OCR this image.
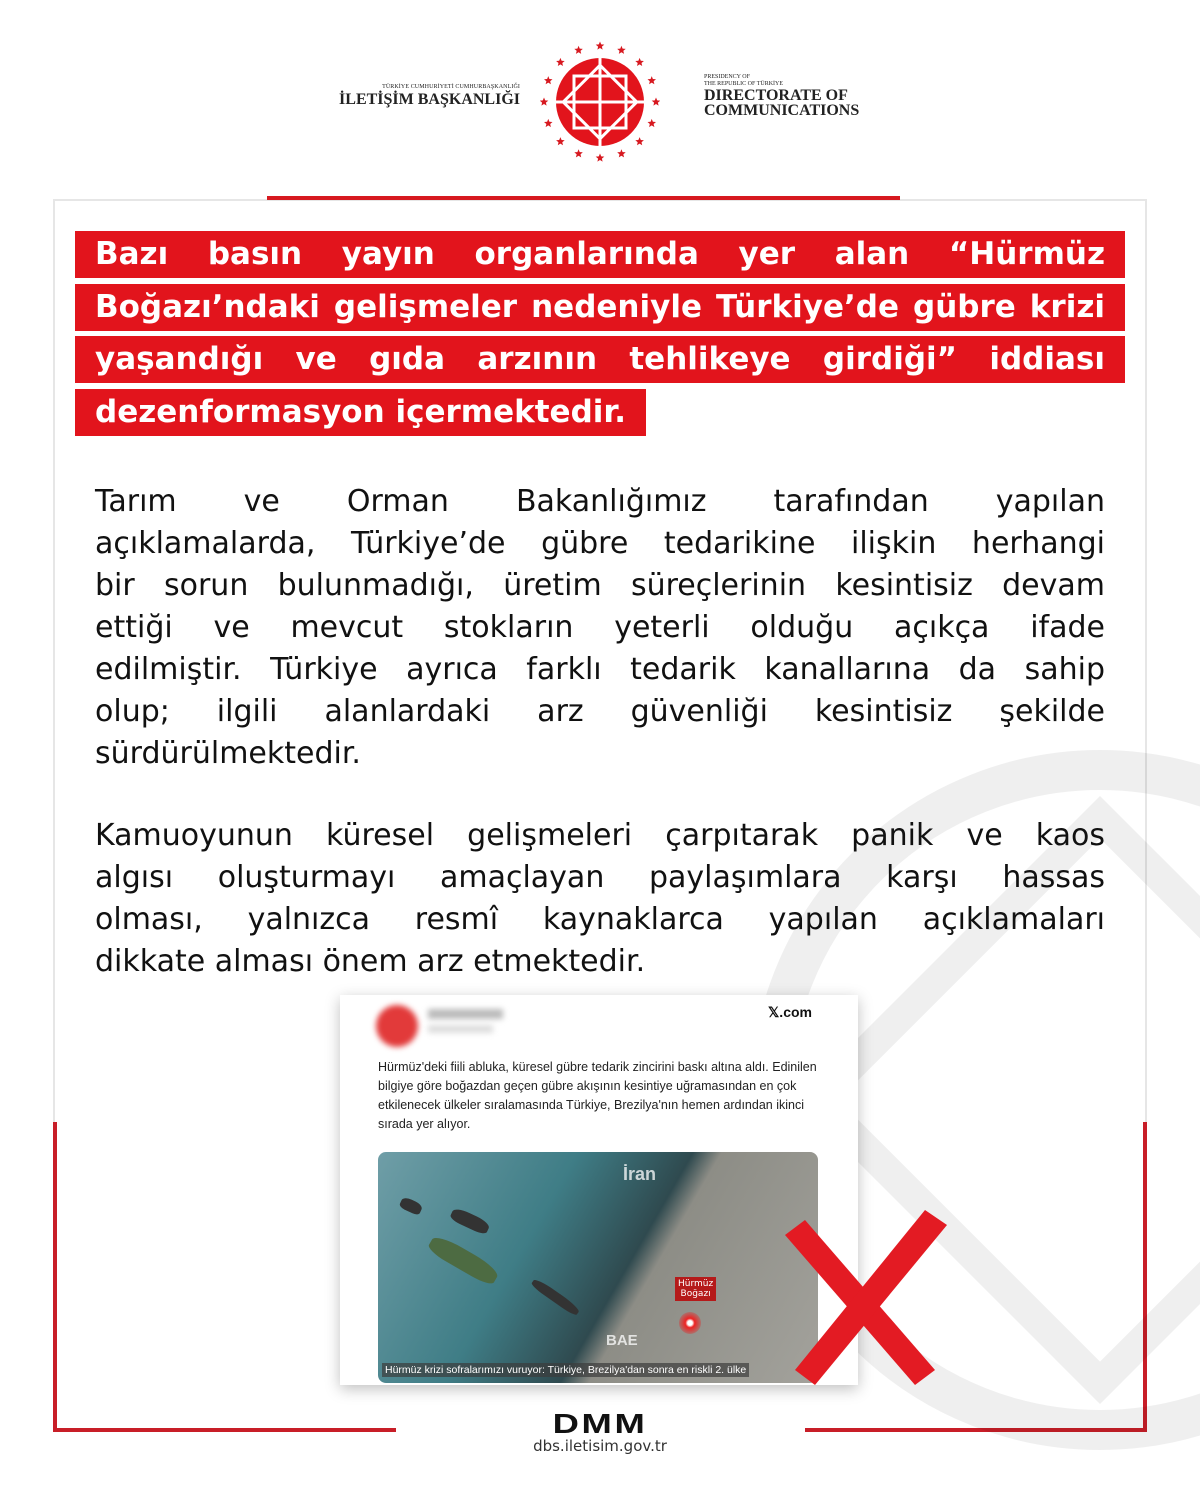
TÜRKİYE CUMHURİYETİ CUMHURBAŞKANLIĞI
İLETİŞİM BAŞKANLIĞI
PRESIDENCY OF
THE REPUBLIC OF TÜRKİYE
DIRECTORATE OF
COMMUNICATIONS
Bazı basın yayın organlarında yer alan “Hürmüz
Boğazı’ndaki gelişmeler nedeniyle Türkiye’de gübre krizi
yaşandığı ve gıda arzının tehlikeye girdiği” iddiası
dezenformasyon içermektedir.
Tarım ve Orman Bakanlığımız tarafından yapılan
açıklamalarda, Türkiye’de gübre tedarikine ilişkin herhangi
bir sorun bulunmadığı, üretim süreçlerinin kesintisiz devam
ettiği ve mevcut stokların yeterli olduğu açıkça ifade
edilmiştir. Türkiye ayrıca farklı tedarik kanallarına da sahip
olup; ilgili alanlardaki arz güvenliği kesintisiz şekilde
sürdürülmektedir.
Kamuoyunun küresel gelişmeleri çarpıtarak panik ve kaos
algısı oluşturmayı amaçlayan paylaşımlara karşı hassas
olması, yalnızca resmî kaynaklarca yapılan açıklamaları
dikkate alması önem arz etmektedir.
𝕏.com
Hürmüz'deki fiili abluka, küresel gübre tedarik zincirini baskı altına aldı. Edinilen bilgiye göre boğazdan geçen gübre akışının kesintiye uğramasından en çok etkilenecek ülkeler sıralamasında Türkiye, Brezilya'nın hemen ardından ikinci sırada yer alıyor.
İran
BAE
Hürmüz
Boğazı
Hürmüz krizi sofralarımızı vuruyor: Türkiye, Brezilya'dan sonra en riskli 2. ülke
DMM
dbs.iletisim.gov.tr
